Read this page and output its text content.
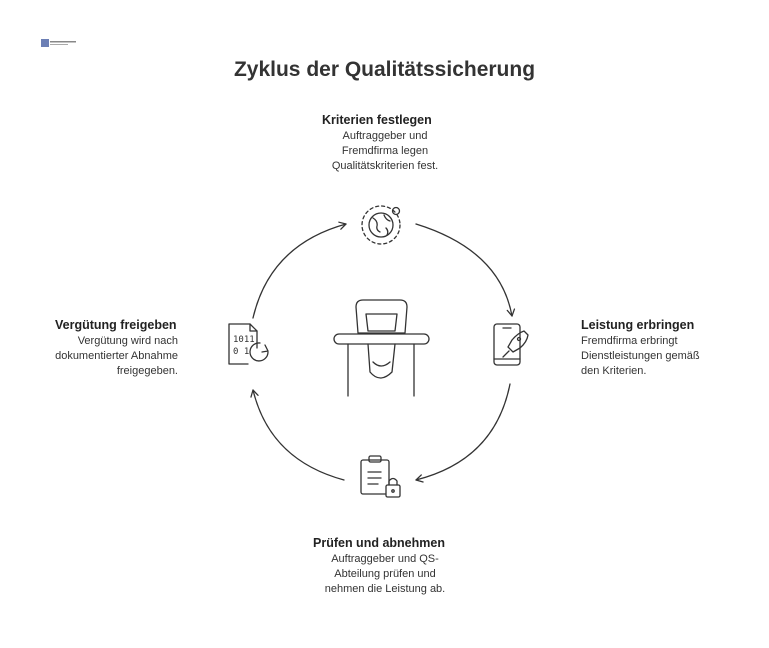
Zyklus der Qualitätssicherung
Kriterien festlegen
Auftraggeber und
Fremdfirma legen
Qualitätskriterien fest.
Leistung erbringen
Fremdfirma erbringt
Dienstleistungen gemäß
den Kriterien.
Prüfen und abnehmen
Auftraggeber und QS-
Abteilung prüfen und
nehmen die Leistung ab.
Vergütung freigeben
Vergütung wird nach
dokumentierter Abnahme
freigegeben.
1011
0 1
